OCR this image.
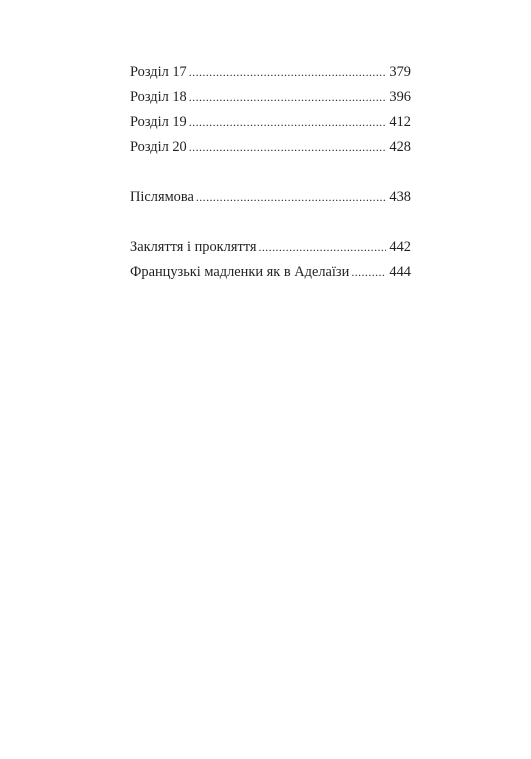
Розділ 17 .....	379
Розділ 18 .....	396
Розділ 19 .....	412
Розділ 20 .....	428
Післямова .....	438
Закляття і прокляття .....	442
Французькі мадленки як в Аделаїзи .....	444
